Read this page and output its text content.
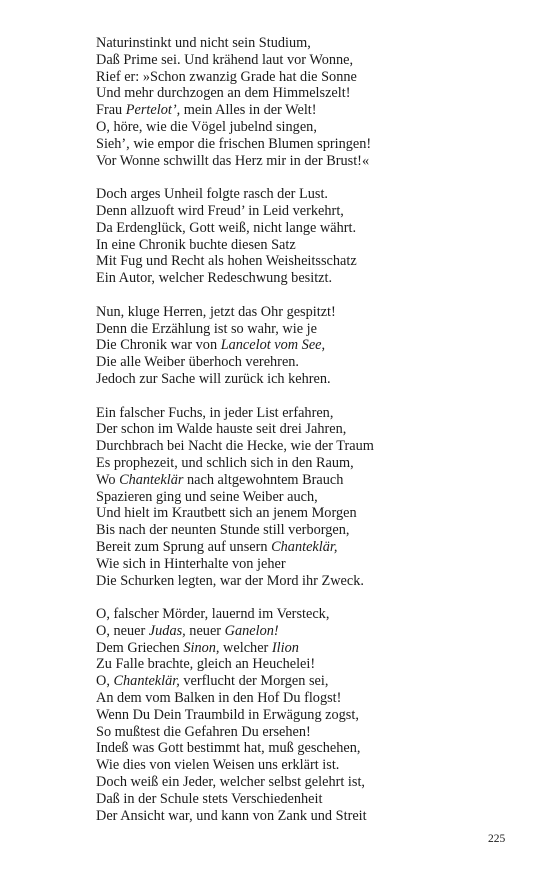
Naturinstinkt und nicht sein Studium,
Daß Prime sei. Und krähend laut vor Wonne,
Rief er: »Schon zwanzig Grade hat die Sonne
Und mehr durchzogen an dem Himmelszelt!
Frau Pertelot’, mein Alles in der Welt!
O, höre, wie die Vögel jubelnd singen,
Sieh’, wie empor die frischen Blumen springen!
Vor Wonne schwillt das Herz mir in der Brust!«
Doch arges Unheil folgte rasch der Lust.
Denn allzuoft wird Freud’ in Leid verkehrt,
Da Erdenglück, Gott weiß, nicht lange währt.
In eine Chronik buchte diesen Satz
Mit Fug und Recht als hohen Weisheitsschatz
Ein Autor, welcher Redeschwung besitzt.
Nun, kluge Herren, jetzt das Ohr gespitzt!
Denn die Erzählung ist so wahr, wie je
Die Chronik war von Lancelot vom See,
Die alle Weiber überhoch verehren.
Jedoch zur Sache will zurück ich kehren.
Ein falscher Fuchs, in jeder List erfahren,
Der schon im Walde hauste seit drei Jahren,
Durchbrach bei Nacht die Hecke, wie der Traum
Es prophezeit, und schlich sich in den Raum,
Wo Chanteklär nach altgewohntem Brauch
Spazieren ging und seine Weiber auch,
Und hielt im Krautbett sich an jenem Morgen
Bis nach der neunten Stunde still verborgen,
Bereit zum Sprung auf unsern Chanteklär,
Wie sich in Hinterhalte von jeher
Die Schurken legten, war der Mord ihr Zweck.
O, falscher Mörder, lauernd im Versteck,
O, neuer Judas, neuer Ganelon!
Dem Griechen Sinon, welcher Ilion
Zu Falle brachte, gleich an Heuchelei!
O, Chanteklär, verflucht der Morgen sei,
An dem vom Balken in den Hof Du flogst!
Wenn Du Dein Traumbild in Erwägung zogst,
So mußtest die Gefahren Du ersehen!
Indeß was Gott bestimmt hat, muß geschehen,
Wie dies von vielen Weisen uns erklärt ist.
Doch weiß ein Jeder, welcher selbst gelehrt ist,
Daß in der Schule stets Verschiedenheit
Der Ansicht war, und kann von Zank und Streit
225
